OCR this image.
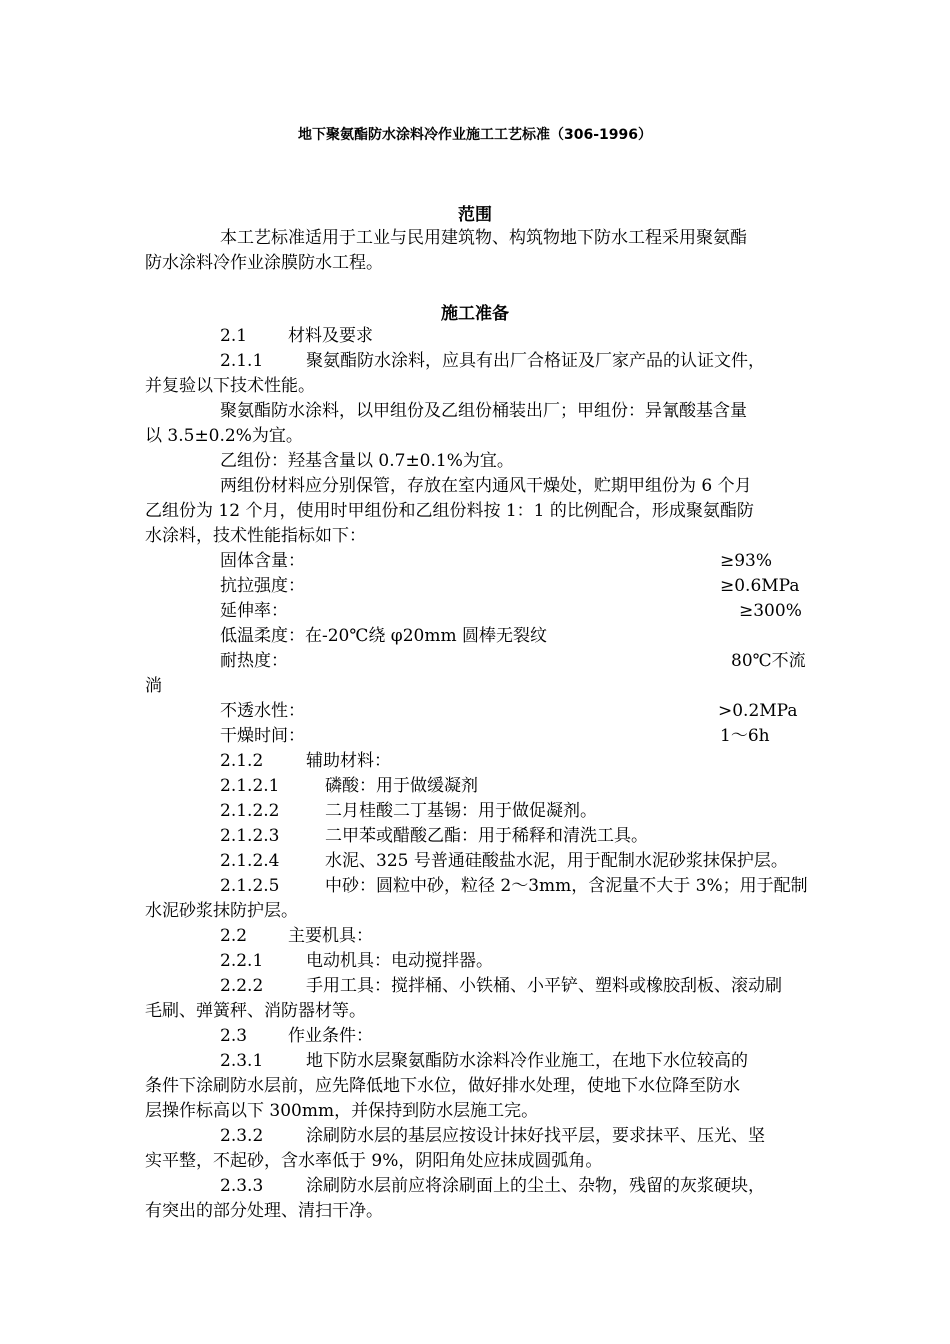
地下聚氨酯防水涂料冷作业施工工艺标准（306-1996）
范围
本工艺标准适用于工业与民用建筑物、构筑物地下防水工程采用聚氨酯
防水涂料冷作业涂膜防水工程。
施工准备
2.1 材料及要求
2.1.1	聚氨酯防水涂料，应具有出厂合格证及厂家产品的认证文件，
并复验以下技术性能。
聚氨酯防水涂料，以甲组份及乙组份桶装出厂；甲组份：异氰酸基含量
以 3.5±0.2%为宜。
乙组份：羟基含量以 0.7±0.1%为宜。
两组份材料应分别保管，存放在室内通风干燥处，贮期甲组份为 6 个月
乙组份为 12 个月，使用时甲组份和乙组份料按 1：1 的比例配合，形成聚氨酯防
水涂料，技术性能指标如下：
固体含量：	≥93%
抗拉强度：	≥0.6MPa
延伸率：	≥300%
低温柔度：在-20℃绕 φ20mm 圆棒无裂纹
耐热度：	80℃不流
淌
不透水性：	>0.2MPa
干燥时间：	1～6h
2.1.2	辅助材料：
2.1.2.1	磷酸：用于做缓凝剂
2.1.2.2	二月桂酸二丁基锡：用于做促凝剂。
2.1.2.3	二甲苯或醋酸乙酯：用于稀释和清洗工具。
2.1.2.4	水泥、325 号普通硅酸盐水泥，用于配制水泥砂浆抹保护层。
2.1.2.5	中砂：圆粒中砂，粒径 2～3mm，含泥量不大于 3%；用于配制
水泥砂浆抹防护层。
2.2 主要机具：
2.2.1	电动机具：电动搅拌器。
2.2.2	手用工具：搅拌桶、小铁桶、小平铲、塑料或橡胶刮板、滚动刷
毛刷、弹簧秤、消防器材等。
2.3 作业条件：
2.3.1	地下防水层聚氨酯防水涂料冷作业施工，在地下水位较高的
条件下涂刷防水层前，应先降低地下水位，做好排水处理，使地下水位降至防水
层操作标高以下 300mm，并保持到防水层施工完。
2.3.2	涂刷防水层的基层应按设计抹好找平层，要求抹平、压光、坚
实平整，不起砂，含水率低于 9%，阴阳角处应抹成圆弧角。
2.3.3	涂刷防水层前应将涂刷面上的尘土、杂物，残留的灰浆硬块，
有突出的部分处理、清扫干净。
